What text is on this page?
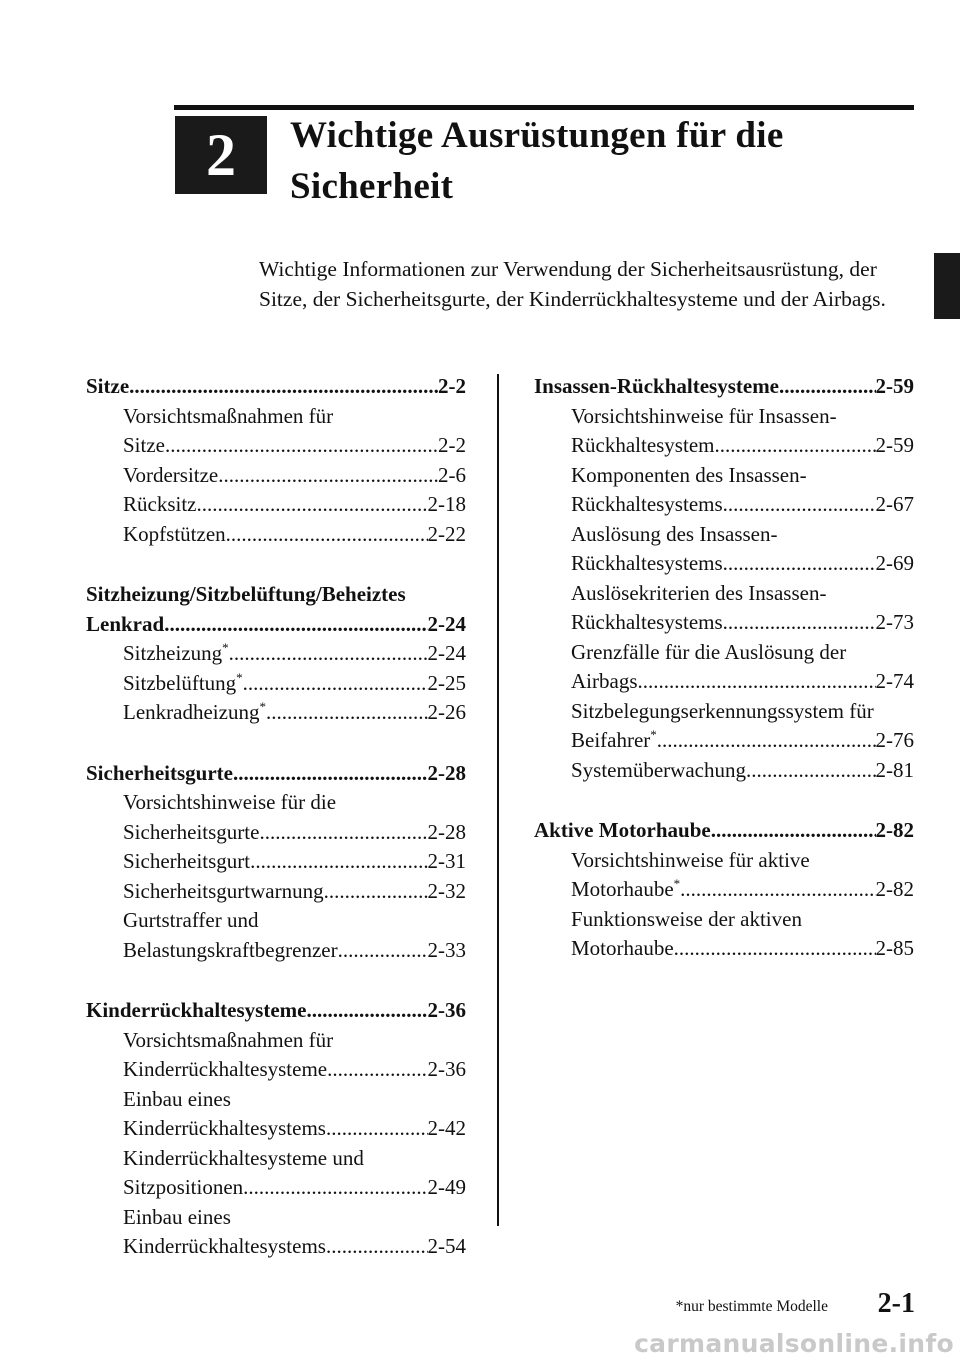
2 Wichtige Ausrüstungen für die
Sicherheit
Wichtige Informationen zur Verwendung der Sicherheitsausrüstung, der Sitze, der Sicherheitsgurte, der Kinderrückhaltesysteme und der Airbags.
Sitze .....	2-2
Vorsichtsmaßnahmen für
Sitze .....	2-2
Vordersitze .....	2-6
Rücksitz .....	2-18
Kopfstützen .....	2-22
Sitzheizung/Sitzbelüftung/Beheiztes
Lenkrad .....	2-24
Sitzheizung* .....	2-24
Sitzbelüftung* .....	2-25
Lenkradheizung* .....	2-26
Sicherheitsgurte .....	2-28
Vorsichtshinweise für die
Sicherheitsgurte .....	2-28
Sicherheitsgurt .....	2-31
Sicherheitsgurtwarnung .....	2-32
Gurtstraffer und
Belastungskraftbegrenzer .....	2-33
Kinderrückhaltesysteme .....	2-36
Vorsichtsmaßnahmen für
Kinderrückhaltesysteme .....	2-36
Einbau eines
Kinderrückhaltesystems .....	2-42
Kinderrückhaltesysteme und
Sitzpositionen .....	2-49
Einbau eines
Kinderrückhaltesystems .....	2-54
Insassen-Rückhaltesysteme .....	2-59
Vorsichtshinweise für Insassen-
Rückhaltesystem .....	2-59
Komponenten des Insassen-
Rückhaltesystems .....	2-67
Auslösung des Insassen-
Rückhaltesystems .....	2-69
Auslösekriterien des Insassen-
Rückhaltesystems .....	2-73
Grenzfälle für die Auslösung der
Airbags .....	2-74
Sitzbelegungserkennungssystem für
Beifahrer* .....	2-76
Systemüberwachung .....	2-81
Aktive Motorhaube .....	2-82
Vorsichtshinweise für aktive
Motorhaube* .....	2-82
Funktionsweise der aktiven
Motorhaube .....	2-85
*nur bestimmte Modelle 2-1
carmanualsonline.info
